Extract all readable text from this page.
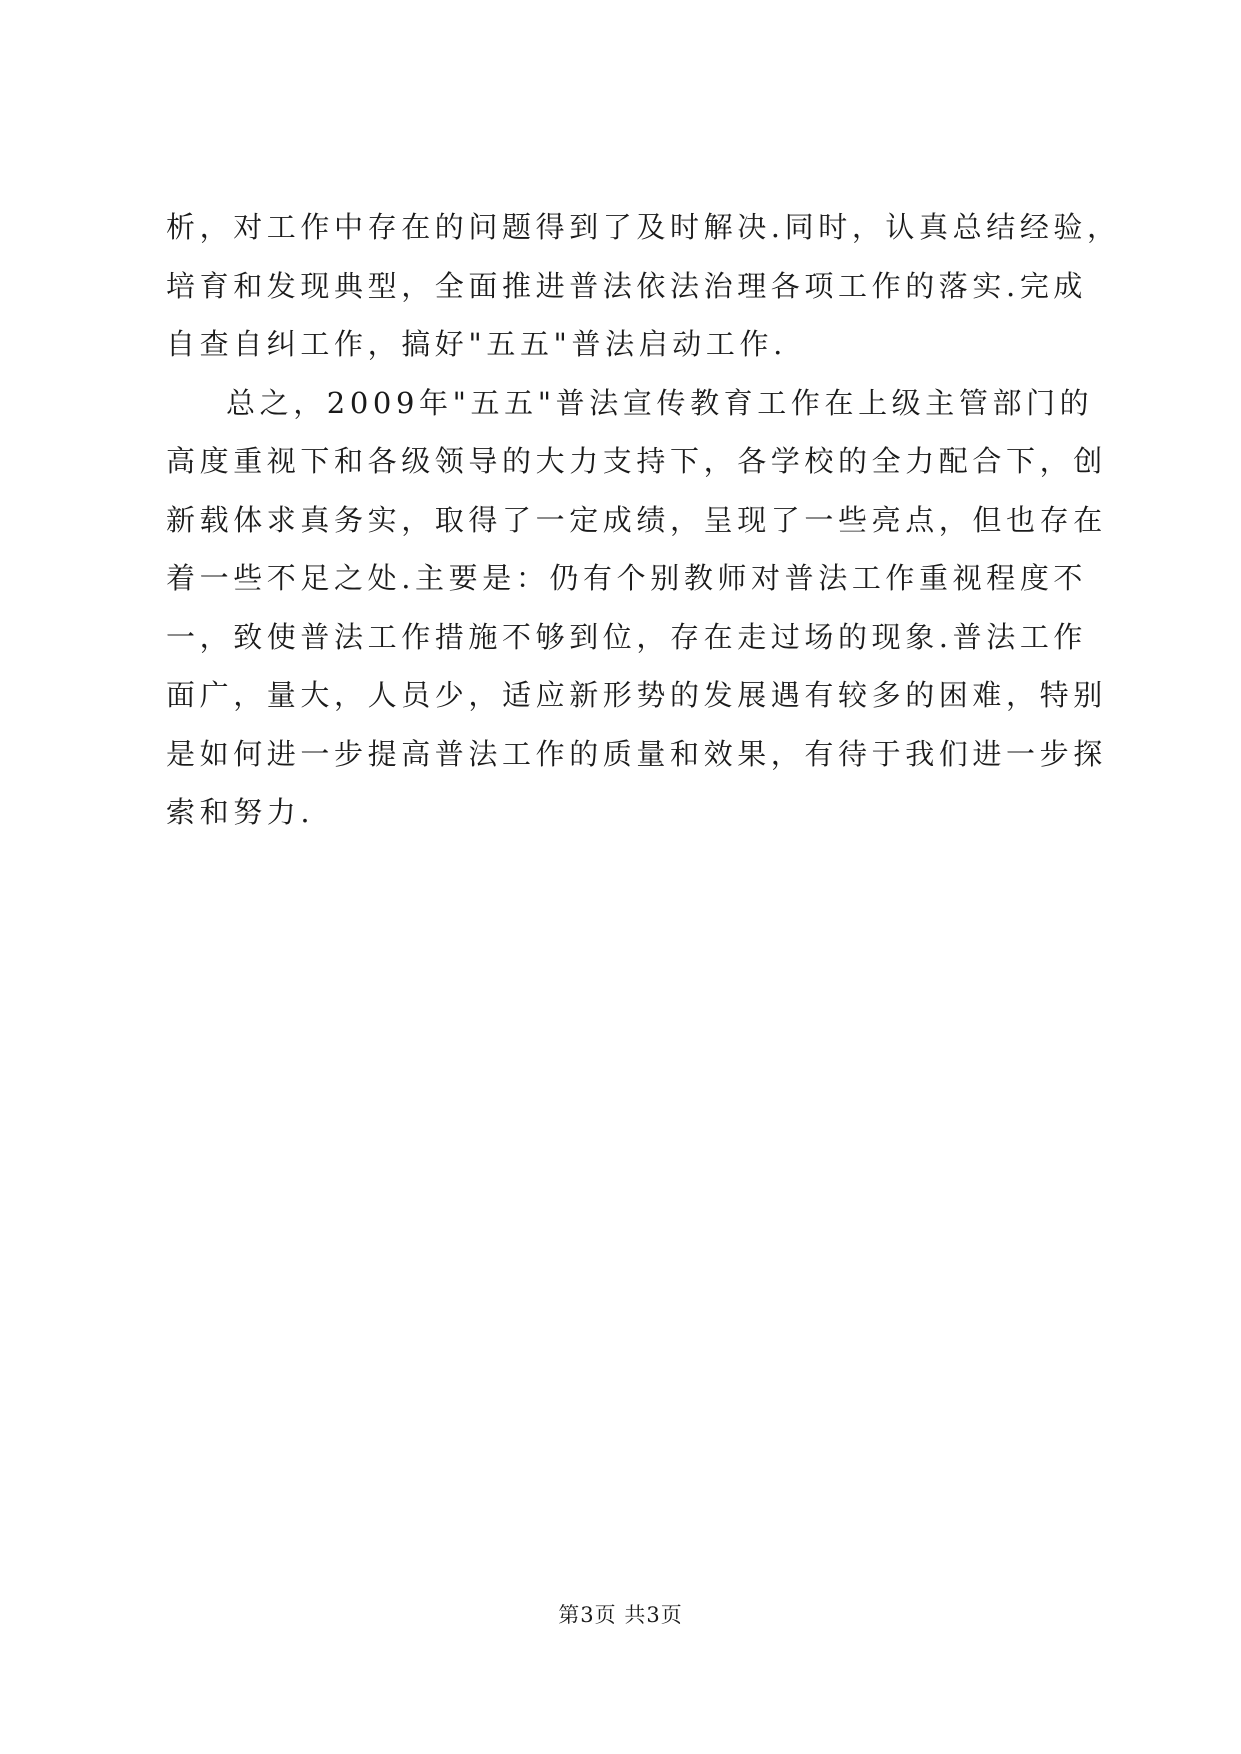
析，对工作中存在的问题得到了及时解决.同时，认真总结经验，
培育和发现典型，全面推进普法依法治理各项工作的落实.完成
自查自纠工作，搞好"五五"普法启动工作.
总之，2009年"五五"普法宣传教育工作在上级主管部门的
高度重视下和各级领导的大力支持下，各学校的全力配合下，创
新载体求真务实，取得了一定成绩，呈现了一些亮点，但也存在
着一些不足之处.主要是：仍有个别教师对普法工作重视程度不
一，致使普法工作措施不够到位，存在走过场的现象.普法工作
面广，量大，人员少，适应新形势的发展遇有较多的困难，特别
是如何进一步提高普法工作的质量和效果，有待于我们进一步探
索和努力.
第3页 共3页
